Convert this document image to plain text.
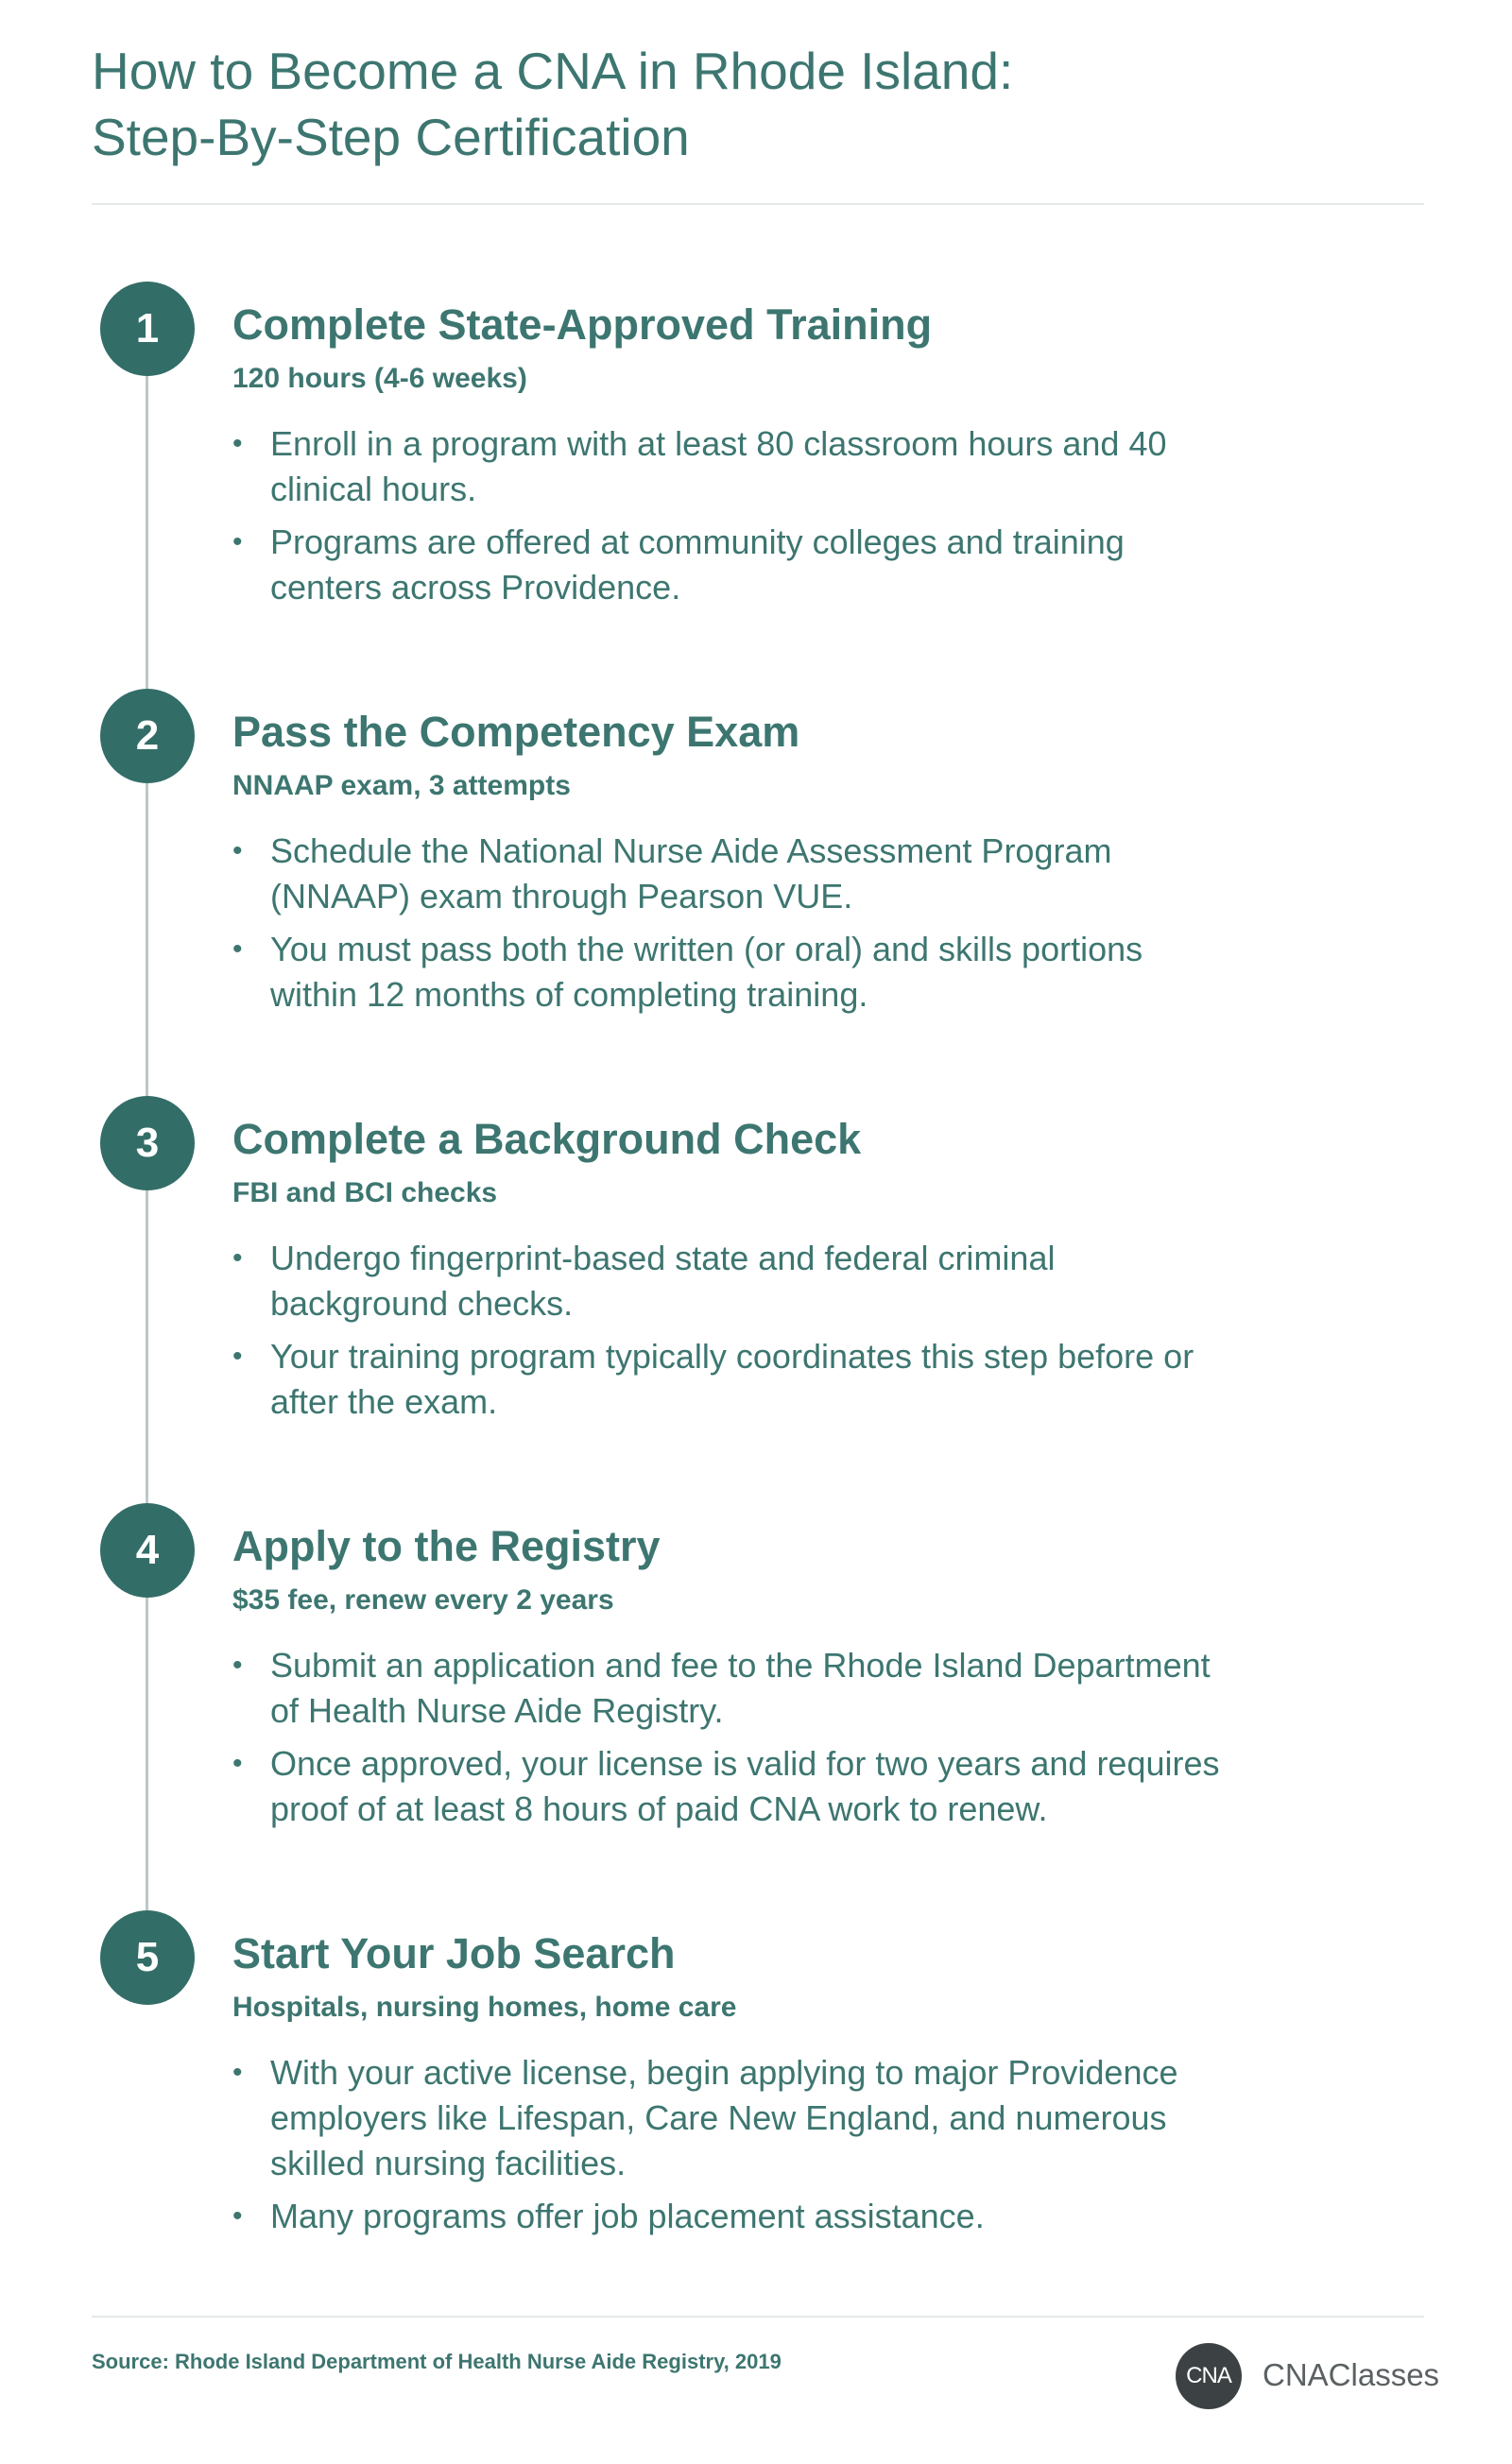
How to Become a CNA in Rhode Island:
Step-By-Step Certification
1	Complete State-Approved Training
120 hours (4-6 weeks)
• Enroll in a program with at least 80 classroom hours and 40 clinical hours.
• Programs are offered at community colleges and training centers across Providence.
2	Pass the Competency Exam
NNAAP exam, 3 attempts
• Schedule the National Nurse Aide Assessment Program (NNAAP) exam through Pearson VUE.
• You must pass both the written (or oral) and skills portions within 12 months of completing training.
3	Complete a Background Check
FBI and BCI checks
• Undergo fingerprint-based state and federal criminal background checks.
• Your training program typically coordinates this step before or after the exam.
4	Apply to the Registry
$35 fee, renew every 2 years
• Submit an application and fee to the Rhode Island Department of Health Nurse Aide Registry.
• Once approved, your license is valid for two years and requires proof of at least 8 hours of paid CNA work to renew.
5	Start Your Job Search
Hospitals, nursing homes, home care
• With your active license, begin applying to major Providence employers like Lifespan, Care New England, and numerous skilled nursing facilities.
• Many programs offer job placement assistance.
Source: Rhode Island Department of Health Nurse Aide Registry, 2019
CNA	CNAClasses
